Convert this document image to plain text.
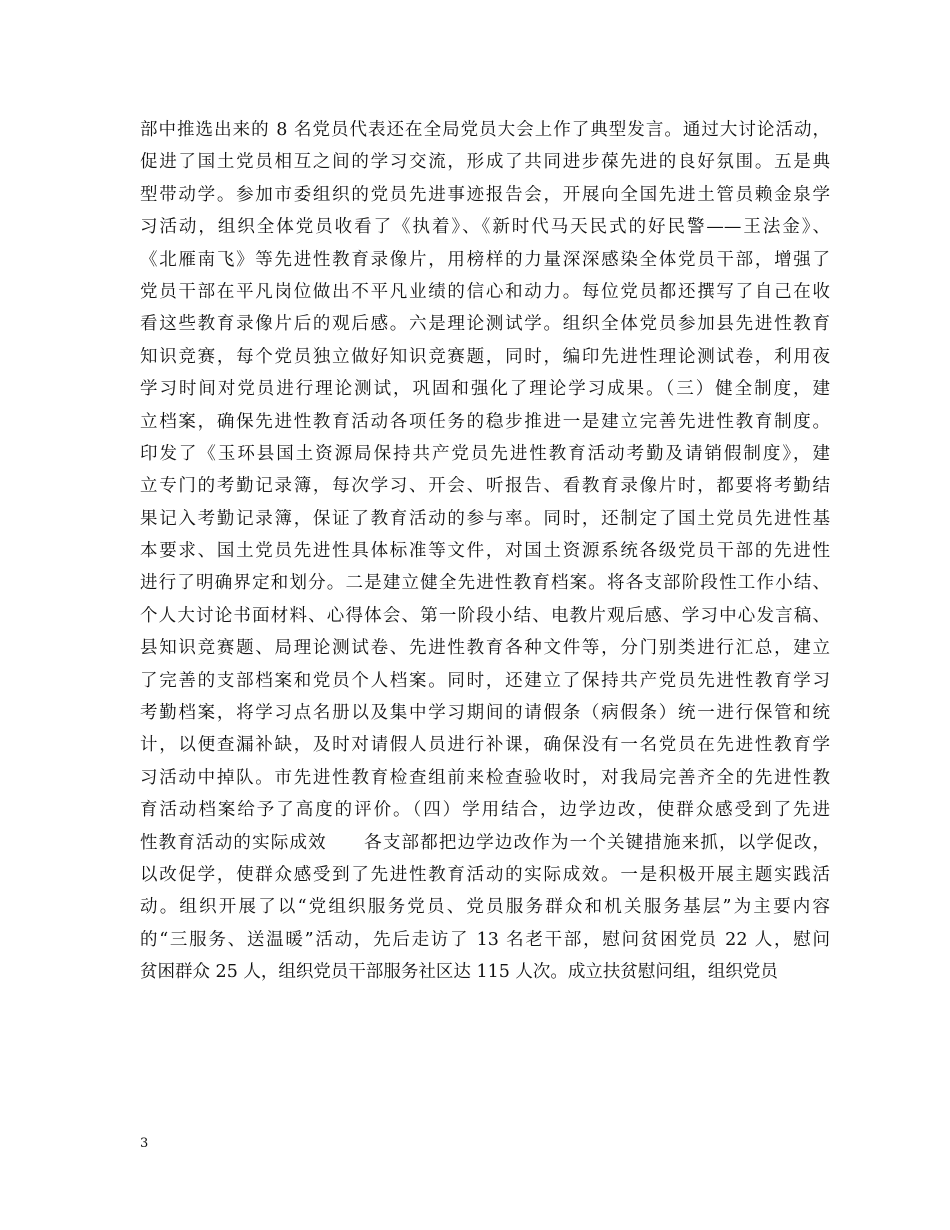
部中推选出来的 8 名党员代表还在全局党员大会上作了典型发言。通过大讨论活动，
促进了国土党员相互之间的学习交流，形成了共同进步葆先进的良好氛围。五是典
型带动学。参加市委组织的党员先进事迹报告会，开展向全国先进土管员赖金泉学
习活动，组织全体党员收看了《执着》、《新时代马天民式的好民警——王法金》、
《北雁南飞》等先进性教育录像片，用榜样的力量深深感染全体党员干部，增强了
党员干部在平凡岗位做出不平凡业绩的信心和动力。每位党员都还撰写了自己在收
看这些教育录像片后的观后感。六是理论测试学。组织全体党员参加县先进性教育
知识竞赛，每个党员独立做好知识竞赛题，同时，编印先进性理论测试卷，利用夜
学习时间对党员进行理论测试，巩固和强化了理论学习成果。（三）健全制度，建
立档案，确保先进性教育活动各项任务的稳步推进一是建立完善先进性教育制度。
印发了《玉环县国土资源局保持共产党员先进性教育活动考勤及请销假制度》，建
立专门的考勤记录簿，每次学习、开会、听报告、看教育录像片时，都要将考勤结
果记入考勤记录簿，保证了教育活动的参与率。同时，还制定了国土党员先进性基
本要求、国土党员先进性具体标准等文件，对国土资源系统各级党员干部的先进性
进行了明确界定和划分。二是建立健全先进性教育档案。将各支部阶段性工作小结、
个人大讨论书面材料、心得体会、第一阶段小结、电教片观后感、学习中心发言稿、
县知识竞赛题、局理论测试卷、先进性教育各种文件等，分门别类进行汇总，建立
了完善的支部档案和党员个人档案。同时，还建立了保持共产党员先进性教育学习
考勤档案，将学习点名册以及集中学习期间的请假条（病假条）统一进行保管和统
计，以便查漏补缺，及时对请假人员进行补课，确保没有一名党员在先进性教育学
习活动中掉队。市先进性教育检查组前来检查验收时，对我局完善齐全的先进性教
育活动档案给予了高度的评价。（四）学用结合，边学边改，使群众感受到了先进
性教育活动的实际成效　　各支部都把边学边改作为一个关键措施来抓，以学促改，
以改促学，使群众感受到了先进性教育活动的实际成效。一是积极开展主题实践活
动。组织开展了以“党组织服务党员、党员服务群众和机关服务基层”为主要内容
的“三服务、送温暖”活动，先后走访了 13 名老干部，慰问贫困党员 22 人，慰问
贫困群众 25 人，组织党员干部服务社区达 115 人次。成立扶贫慰问组，组织党员
3
